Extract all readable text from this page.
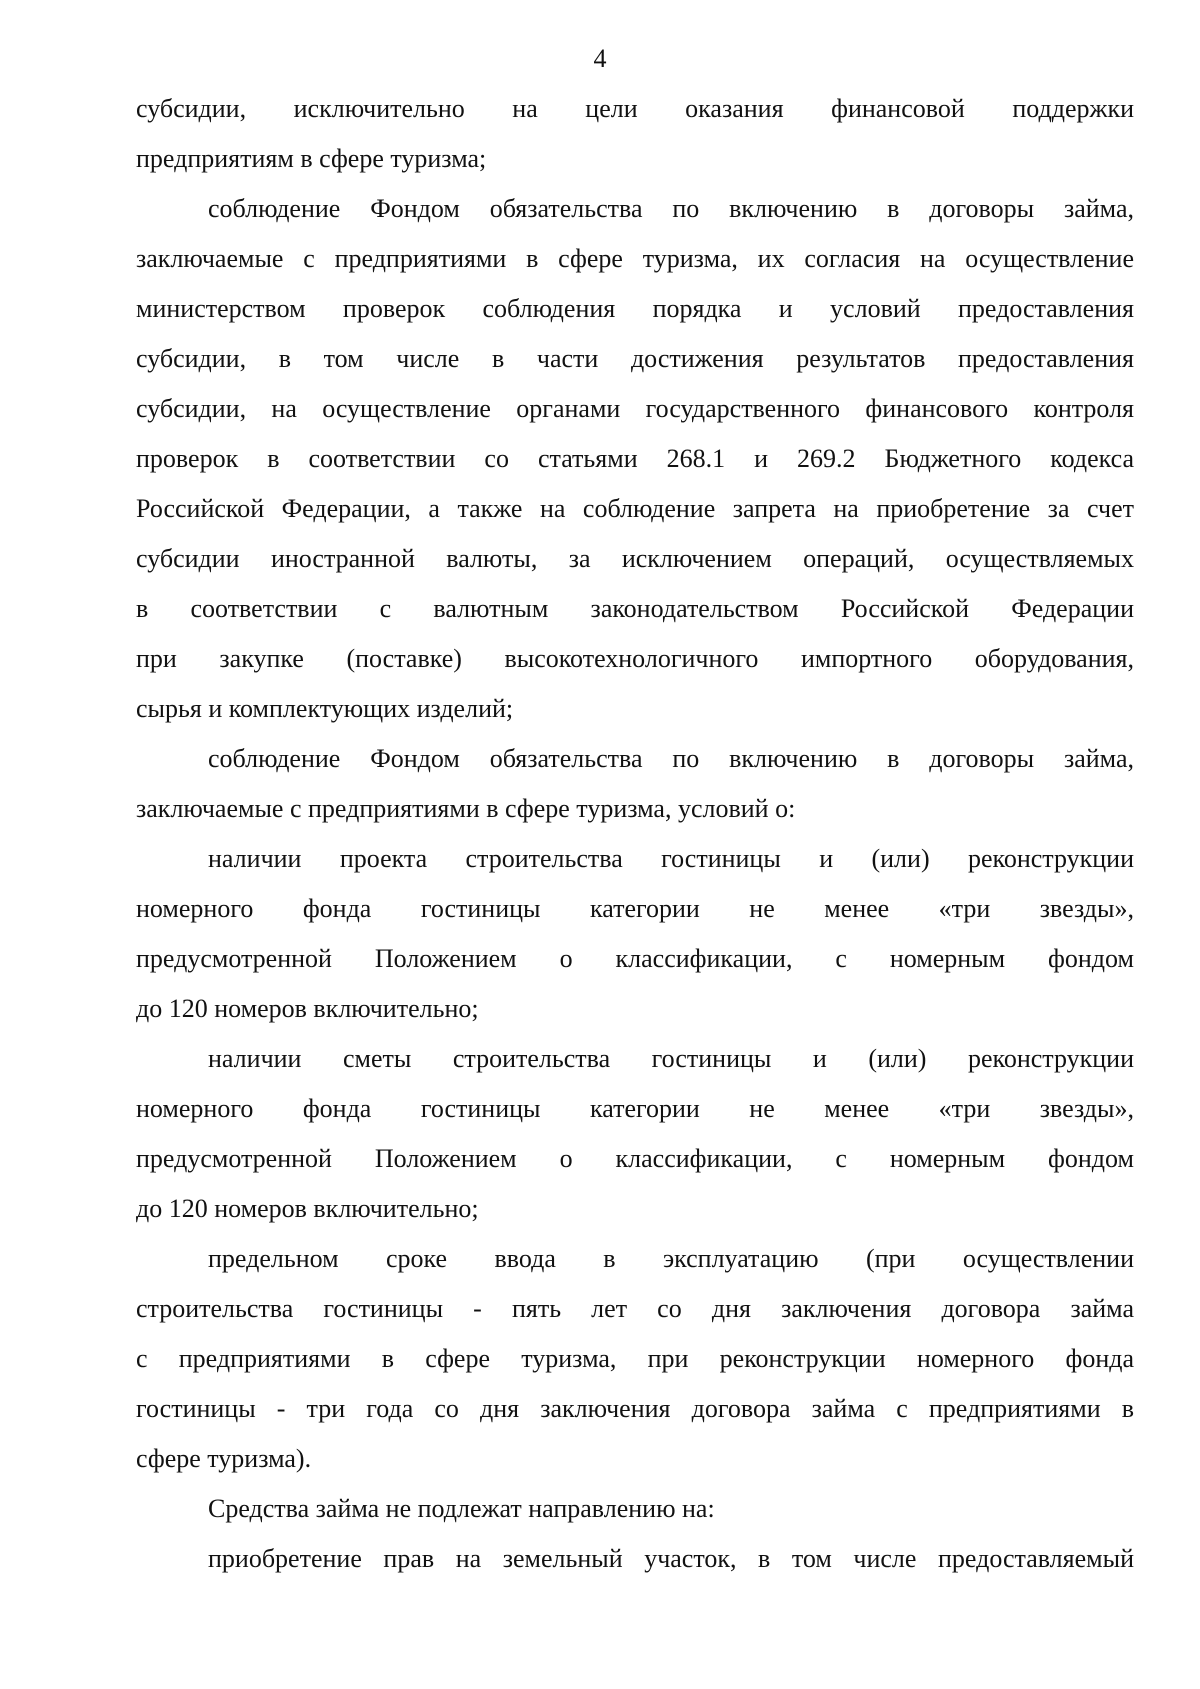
4
субсидии, исключительно на цели оказания финансовой поддержки
предприятиям в сфере туризма;
соблюдение Фондом обязательства по включению в договоры займа,
заключаемые с предприятиями в сфере туризма, их согласия на осуществление
министерством проверок соблюдения порядка и условий предоставления
субсидии, в том числе в части достижения результатов предоставления
субсидии, на осуществление органами государственного финансового контроля
проверок в соответствии со статьями 268.1 и 269.2 Бюджетного кодекса
Российской Федерации, а также на соблюдение запрета на приобретение за счет
субсидии иностранной валюты, за исключением операций, осуществляемых
в соответствии с валютным законодательством Российской Федерации
при закупке (поставке) высокотехнологичного импортного оборудования,
сырья и комплектующих изделий;
соблюдение Фондом обязательства по включению в договоры займа,
заключаемые с предприятиями в сфере туризма, условий о:
наличии проекта строительства гостиницы и (или) реконструкции
номерного фонда гостиницы категории не менее «три звезды»,
предусмотренной Положением о классификации, с номерным фондом
до 120 номеров включительно;
наличии сметы строительства гостиницы и (или) реконструкции
номерного фонда гостиницы категории не менее «три звезды»,
предусмотренной Положением о классификации, с номерным фондом
до 120 номеров включительно;
предельном сроке ввода в эксплуатацию (при осуществлении
строительства гостиницы - пять лет со дня заключения договора займа
с предприятиями в сфере туризма, при реконструкции номерного фонда
гостиницы - три года со дня заключения договора займа с предприятиями в
сфере туризма).
Средства займа не подлежат направлению на:
приобретение прав на земельный участок, в том числе предоставляемый
